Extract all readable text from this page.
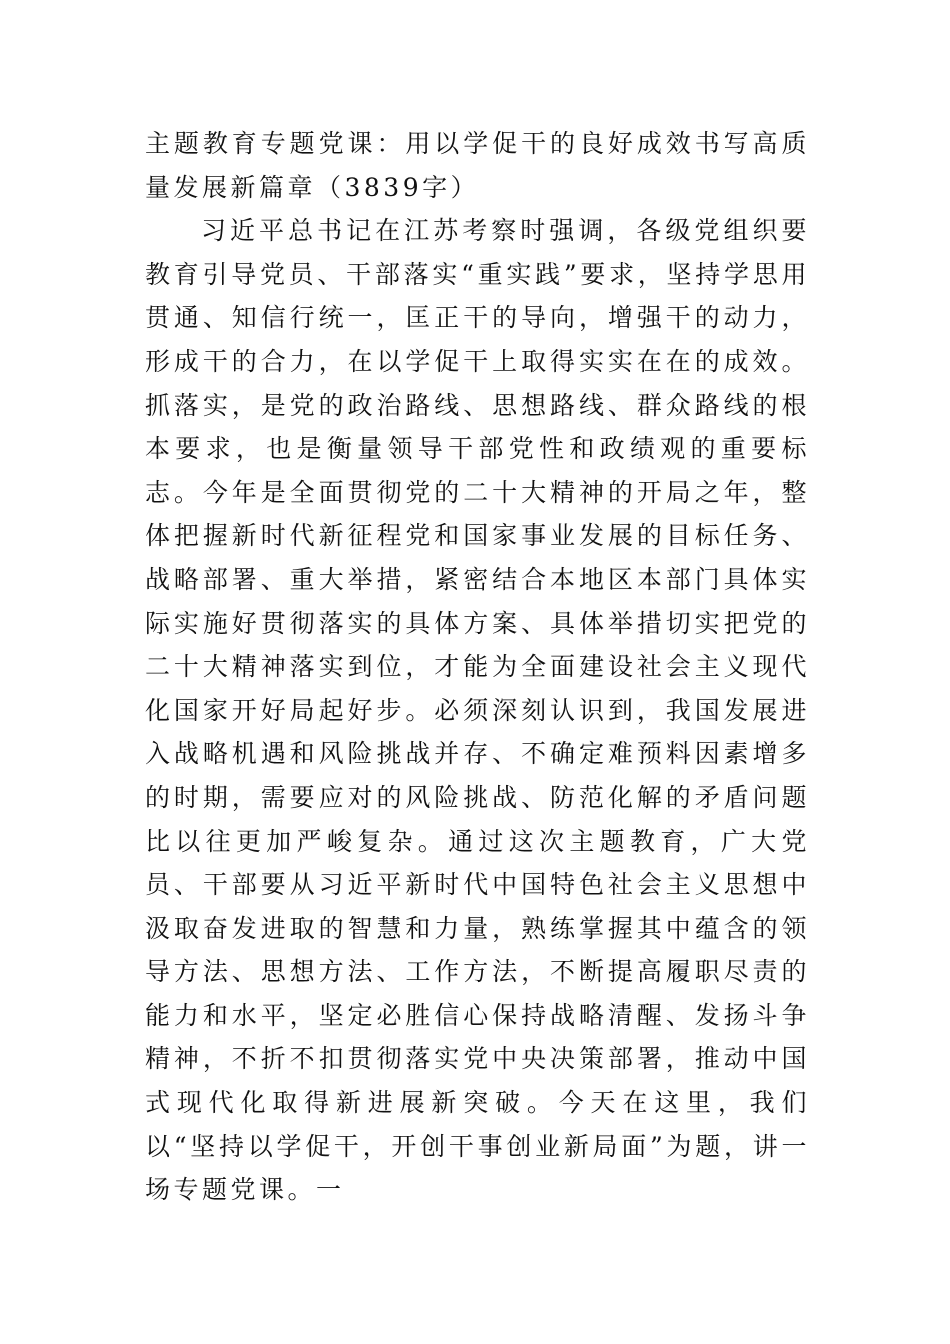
主题教育专题党课：用以学促干的良好成效书写高质量发展新篇章（3839字）

习近平总书记在江苏考察时强调，各级党组织要教育引导党员、干部落实“重实践”要求，坚持学思用贯通、知信行统一，匡正干的导向，增强干的动力，形成干的合力，在以学促干上取得实实在在的成效。抓落实，是党的政治路线、思想路线、群众路线的根本要求，也是衡量领导干部党性和政绩观的重要标志。今年是全面贯彻党的二十大精神的开局之年，整体把握新时代新征程党和国家事业发展的目标任务、战略部署、重大举措，紧密结合本地区本部门具体实际实施好贯彻落实的具体方案、具体举措切实把党的二十大精神落实到位，才能为全面建设社会主义现代化国家开好局起好步。必须深刻认识到，我国发展进入战略机遇和风险挑战并存、不确定难预料因素增多的时期，需要应对的风险挑战、防范化解的矛盾问题比以往更加严峻复杂。通过这次主题教育，广大党员、干部要从习近平新时代中国特色社会主义思想中汲取奋发进取的智慧和力量，熟练掌握其中蕴含的领导方法、思想方法、工作方法，不断提高履职尽责的能力和水平，坚定必胜信心保持战略清醒、发扬斗争精神，不折不扣贯彻落实党中央决策部署，推动中国式现代化取得新进展新突破。今天在这里，我们以“坚持以学促干，开创干事创业新局面”为题，讲一场专题党课。一
